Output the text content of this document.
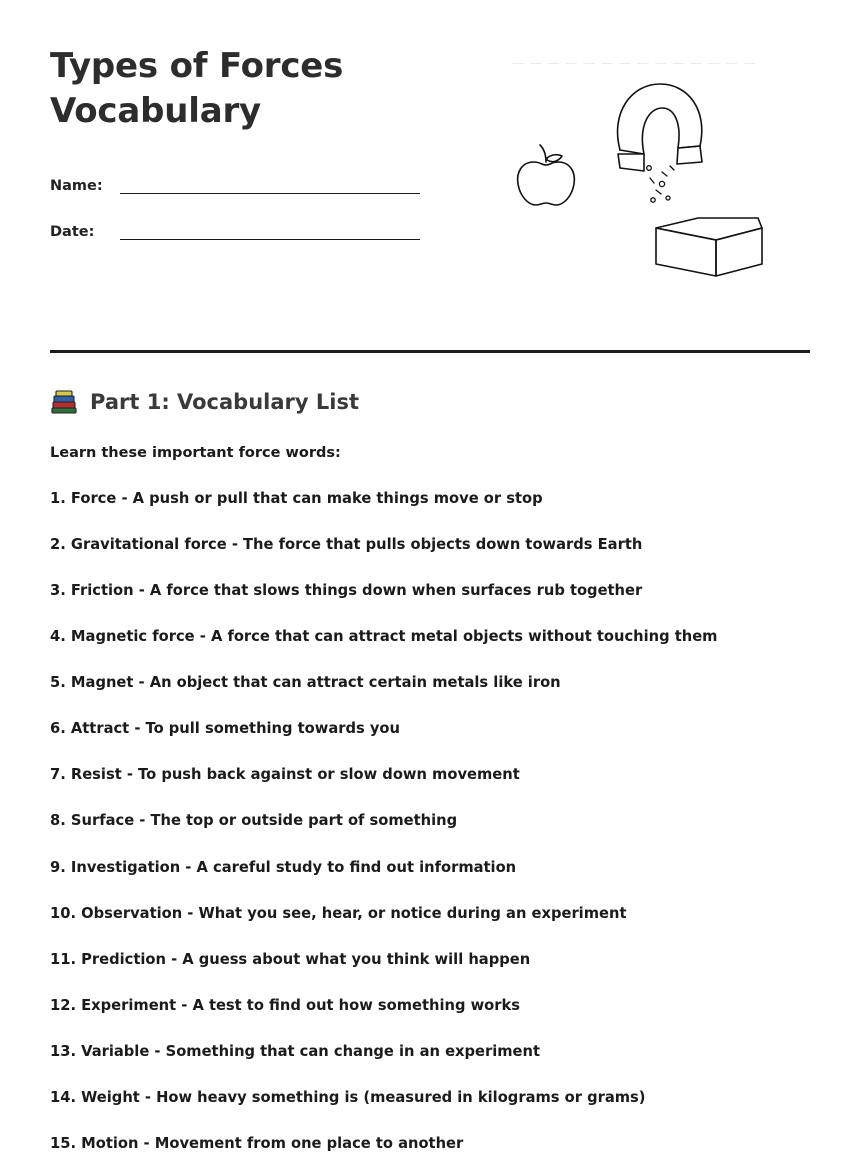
Types of Forces
Vocabulary
Name:
Date:
— — — — — — — — — — — — — —
Part 1: Vocabulary List
Learn these important force words:
1. Force - A push or pull that can make things move or stop
2. Gravitational force - The force that pulls objects down towards Earth
3. Friction - A force that slows things down when surfaces rub together
4. Magnetic force - A force that can attract metal objects without touching them
5. Magnet - An object that can attract certain metals like iron
6. Attract - To pull something towards you
7. Resist - To push back against or slow down movement
8. Surface - The top or outside part of something
9. Investigation - A careful study to find out information
10. Observation - What you see, hear, or notice during an experiment
11. Prediction - A guess about what you think will happen
12. Experiment - A test to find out how something works
13. Variable - Something that can change in an experiment
14. Weight - How heavy something is (measured in kilograms or grams)
15. Motion - Movement from one place to another
